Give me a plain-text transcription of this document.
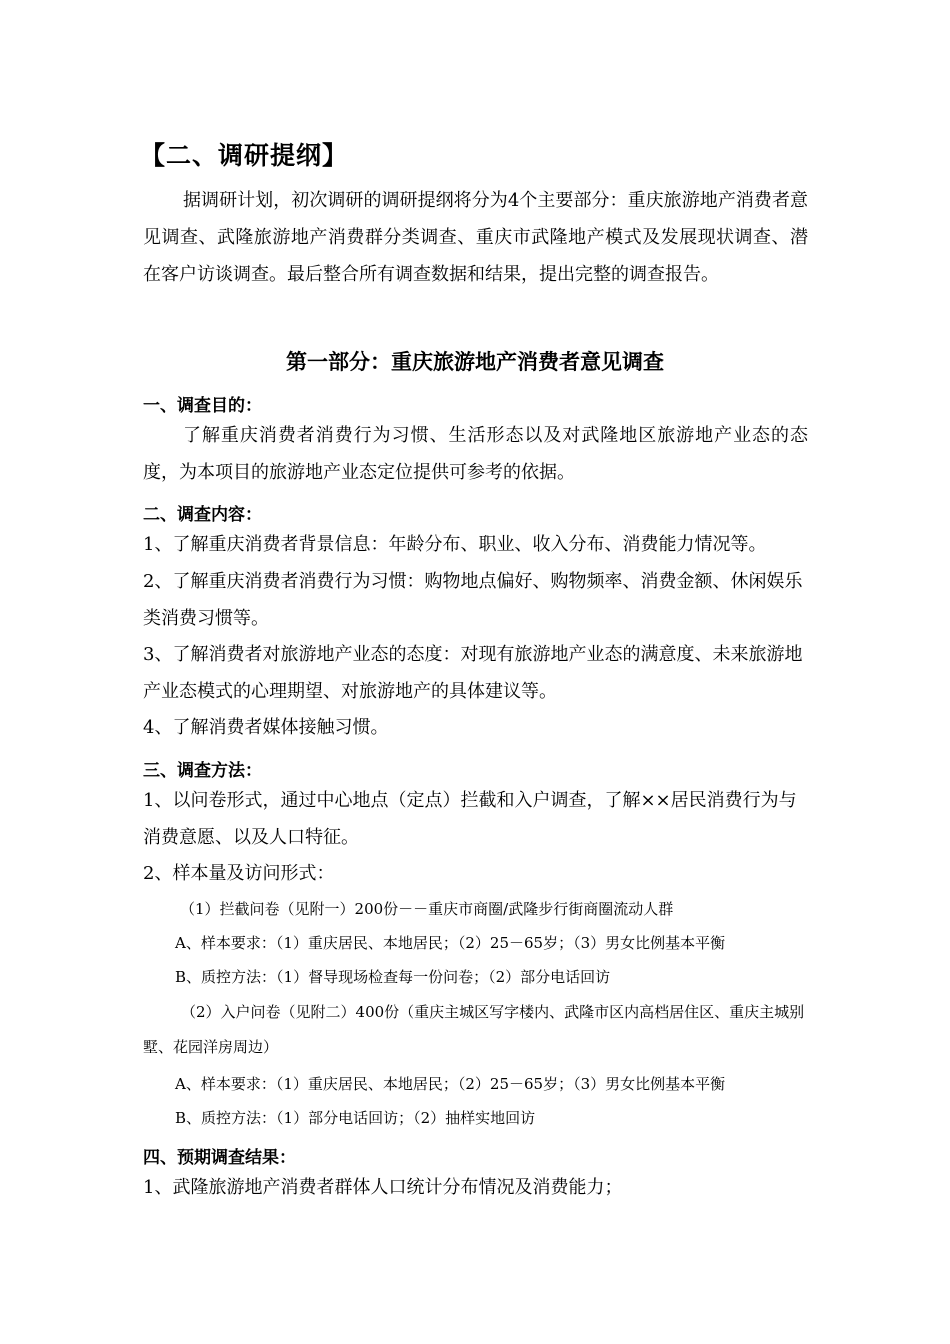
【二、调研提纲】

据调研计划，初次调研的调研提纲将分为4个主要部分：重庆旅游地产消费者意见调查、武隆旅游地产消费群分类调查、重庆市武隆地产模式及发展现状调查、潜在客户访谈调查。最后整合所有调查数据和结果，提出完整的调查报告。

第一部分：重庆旅游地产消费者意见调查
一、调查目的：

了解重庆消费者消费行为习惯、生活形态以及对武隆地区旅游地产业态的态度，为本项目的旅游地产业态定位提供可参考的依据。

二、调查内容：

1、了解重庆消费者背景信息：年龄分布、职业、收入分布、消费能力情况等。

2、了解重庆消费者消费行为习惯：购物地点偏好、购物频率、消费金额、休闲娱乐类消费习惯等。

3、了解消费者对旅游地产业态的态度：对现有旅游地产业态的满意度、未来旅游地产业态模式的心理期望、对旅游地产的具体建议等。

4、了解消费者媒体接触习惯。

三、调查方法：

1、以问卷形式，通过中心地点（定点）拦截和入户调查，了解××居民消费行为与消费意愿、以及人口特征。

2、样本量及访问形式：

（1）拦截问卷（见附一）200份－－重庆市商圈/武隆步行街商圈流动人群

A、样本要求：（1）重庆居民、本地居民；（2）25－65岁；（3）男女比例基本平衡

B、质控方法：（1）督导现场检查每一份问卷；（2）部分电话回访

（2）入户问卷（见附二）400份（重庆主城区写字楼内、武隆市区内高档居住区、重庆主城别墅、花园洋房周边）

A、样本要求：（1）重庆居民、本地居民；（2）25－65岁；（3）男女比例基本平衡

B、质控方法：（1）部分电话回访；（2）抽样实地回访

四、预期调查结果：

1、武隆旅游地产消费者群体人口统计分布情况及消费能力；
